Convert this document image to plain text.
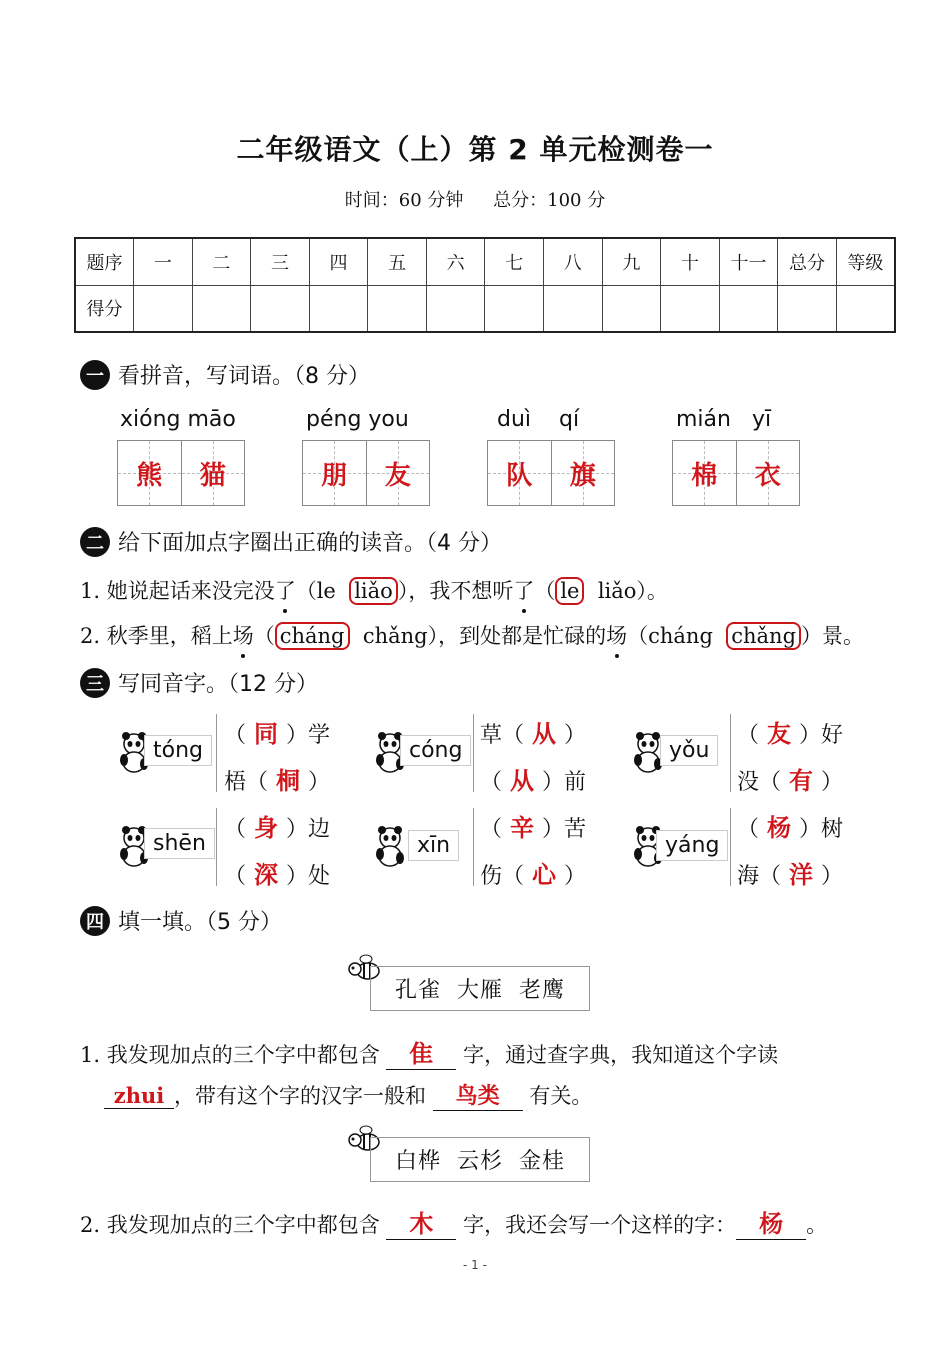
二年级语文（上）第 2 单元检测卷一
时间：60 分钟 总分：100 分
题序	一	二	三	四	五	六	七	八	九	十	十一	总分	等级
得分													
一 看拼音，写词语。（8 分）
xióng māo
熊 猫
péng you
朋 友
duì    qí
队 旗
mián   yī
棉 衣
二 给下面加点字圈出正确的读音。（4 分）
1. 她说起话来没完没了（le  liǎo ），我不想听了（ le  liǎo）。
2. 秋季里，稻上场（ cháng  chǎng），到处都是忙碌的场（cháng  chǎng ）景。
三 写同音字。（12 分）
tóng
（ 同 ）学
梧（ 桐 ）
cóng
草（ 从 ）
（ 从 ）前
yǒu
（ 友 ）好
没（ 有 ）
shēn
（ 身 ）边
（ 深 ）处
xīn
（ 辛 ）苦
伤（ 心 ）
yáng
（ 杨 ）树
海（ 洋 ）
四 填一填。（5 分）
孔雀 大雁 老鹰
1. 我发现加点的三个字中都包含 隹 字，通过查字典，我知道这个字读
zhui ，带有这个字的汉字一般和 鸟类 有关。
白桦 云杉 金桂
2. 我发现加点的三个字中都包含 木 字，我还会写一个这样的字： 杨 。
- 1 -
